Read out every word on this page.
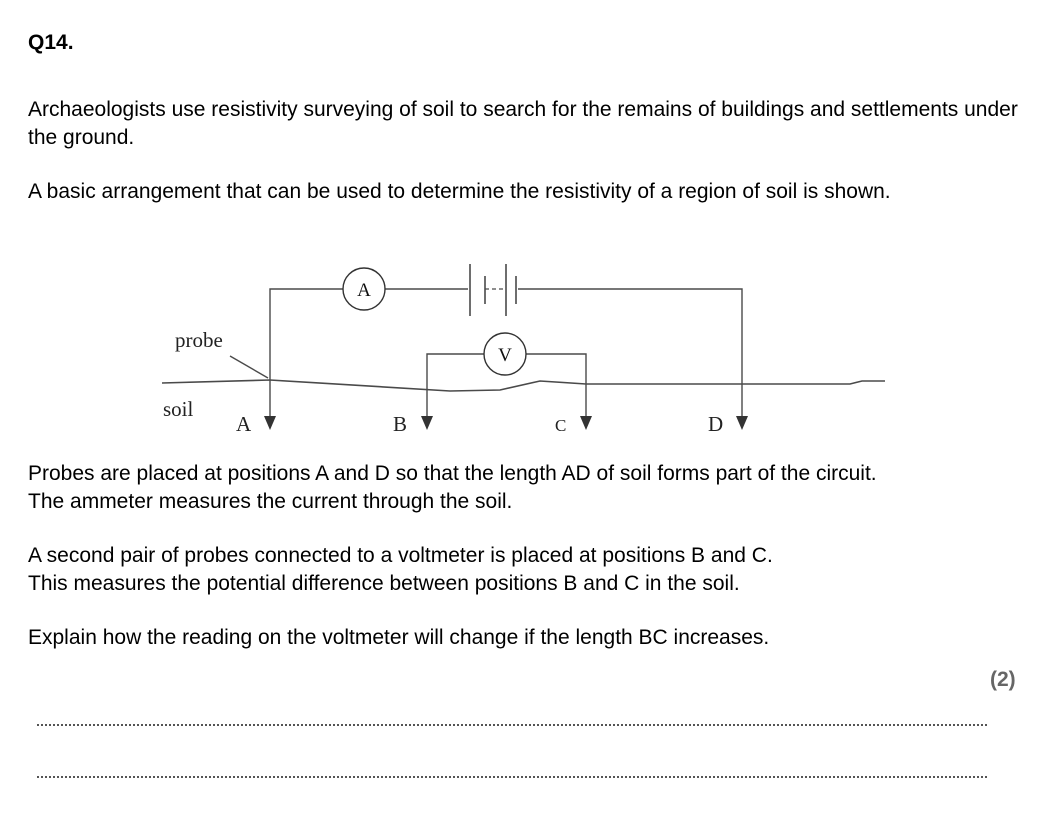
Q14.

Archaeologists use resistivity surveying of soil to search for the remains of buildings and settlements under the ground.

A basic arrangement that can be used to determine the resistivity of a region of soil is shown.

A
V
probe
soil
A	B	C	D

Probes are placed at positions A and D so that the length AD of soil forms part of the circuit.

The ammeter measures the current through the soil.

A second pair of probes connected to a voltmeter is placed at positions B and C.

This measures the potential difference between positions B and C in the soil.

Explain how the reading on the voltmeter will change if the length BC increases.

(2)
